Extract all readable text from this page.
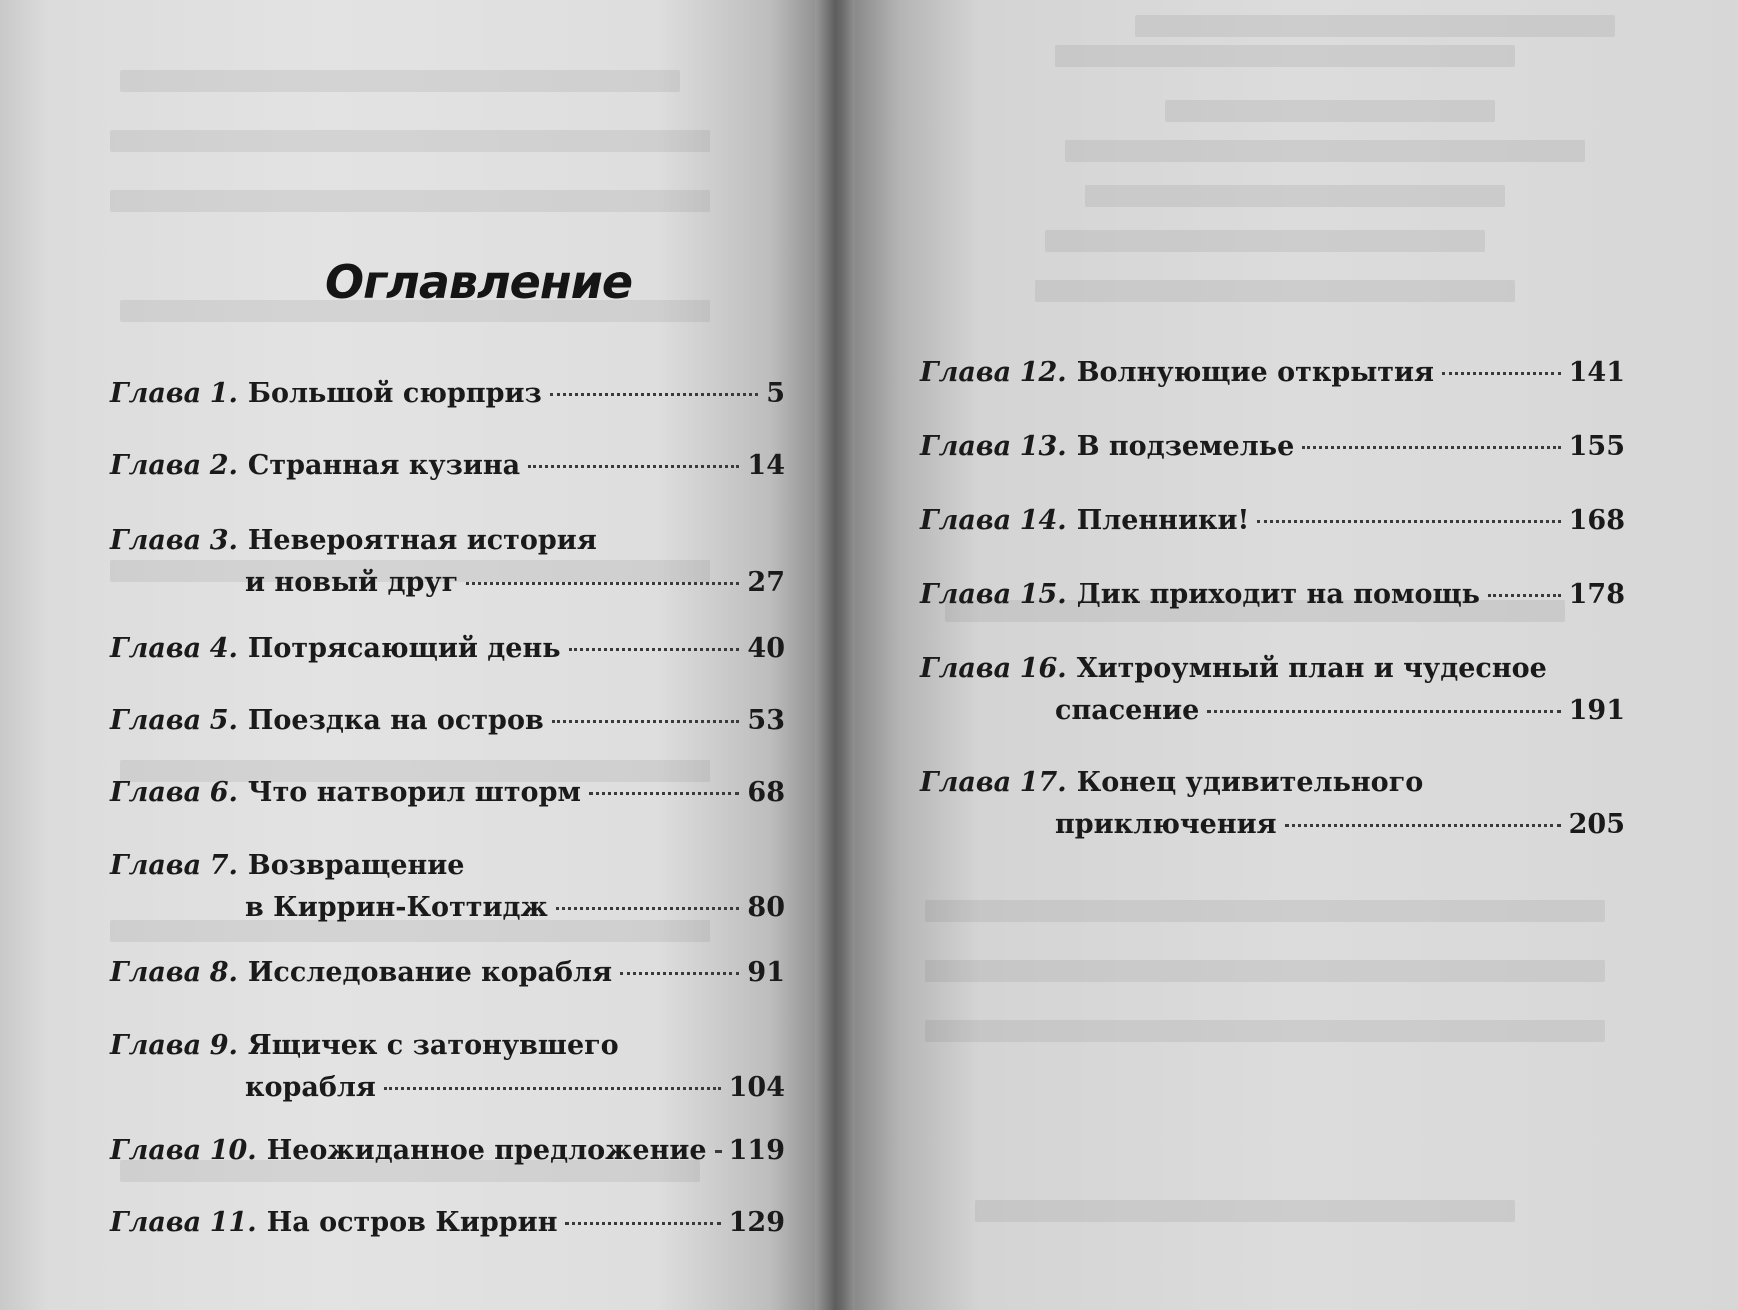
Оглавление
Глава
1 . Большой сюрприз	5
Глава
2 . Странная кузина	14
Глава
3 . Невероятная история
и новый друг	27
Глава
4 . Потрясающий день	40
Глава
5 . Поездка на остров	53
Глава
6 . Что натворил шторм	68
Глава
7 . Возвращение
в Киррин-Коттидж	80
Глава
8 . Исследование корабля	91
Глава
9 . Ящичек с затонувшего
корабля	104
Глава
10 . Неожиданное предложение 119
Глава
11 . На остров Киррин	129
Глава
12 . Волнующие открытия	141
Глава
13 . В подземелье	155
Глава
14 . Пленники!	168
Глава
15 . Дик приходит на помощь	178
Глава
16 . Хитроумный план и чудесное
спасение	191
Глава
17 . Конец удивительного
приключения	205
